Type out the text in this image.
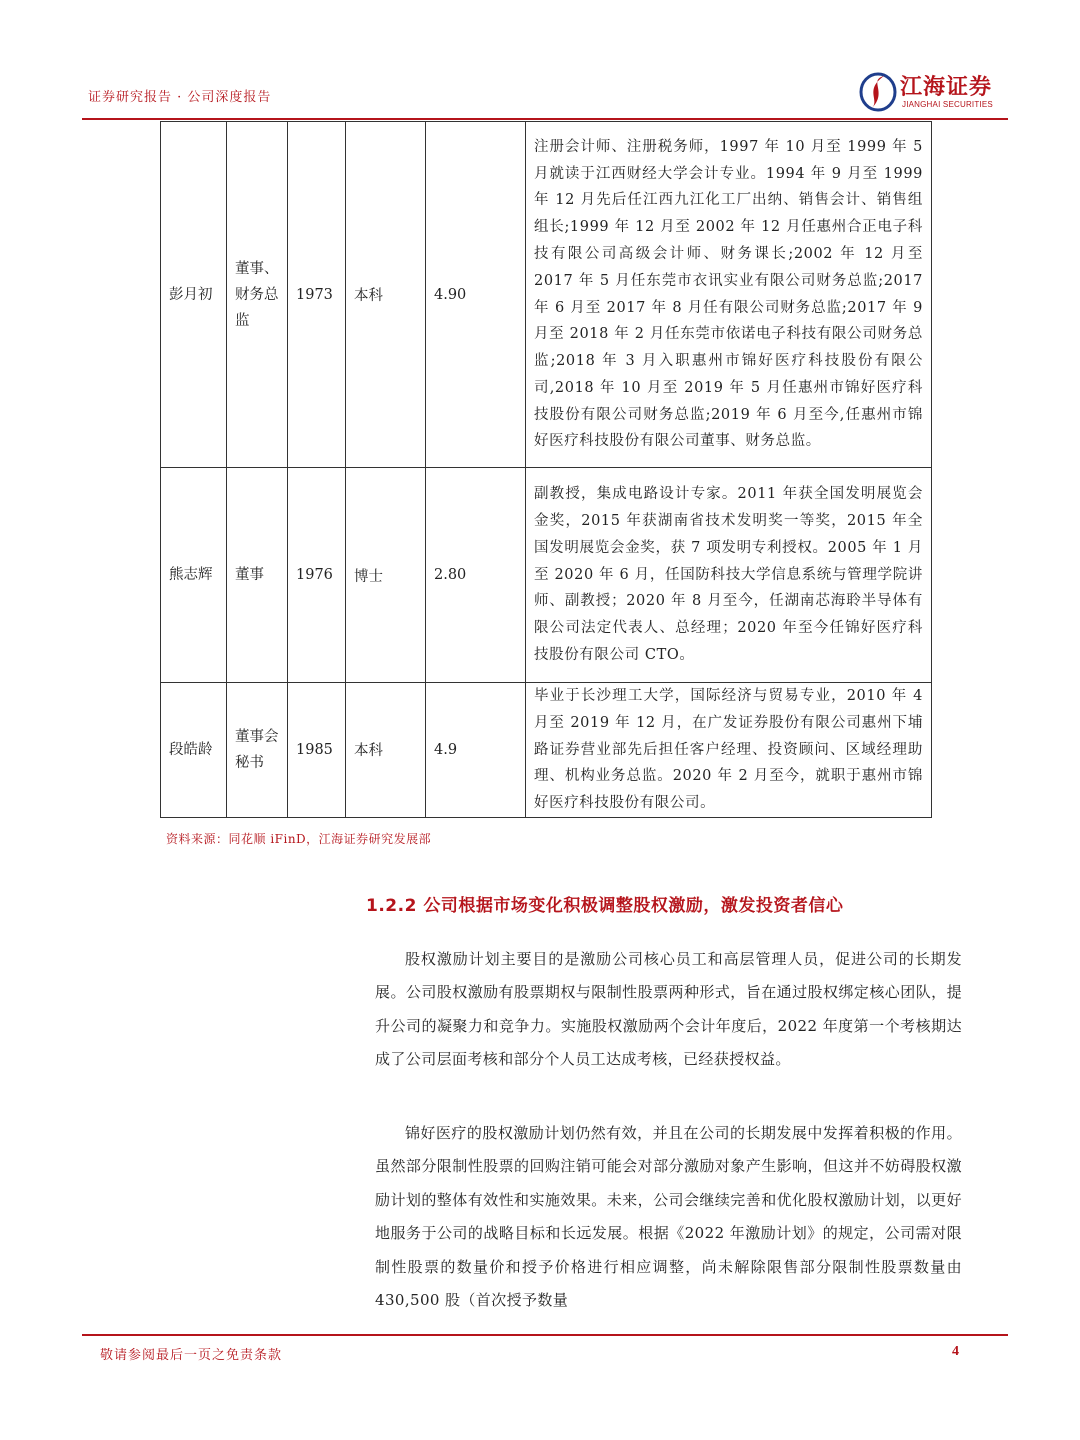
证券研究报告 · 公司深度报告	江海证券
JIANGHAI SECURITIES
彭月初	董事、财务总监	1973	本科	4.90	注册会计师、注册税务师，1997 年 10 月至 1999 年 5 月就读于江西财经大学会计专业。1994 年 9 月至 1999 年 12 月先后任江西九江化工厂出纳、销售会计、销售组组长;1999 年 12 月至 2002 年 12 月任惠州合正电子科技有限公司高级会计师、财务课长;2002 年 12 月至 2017 年 5 月任东莞市衣讯实业有限公司财务总监;2017 年 6 月至 2017 年 8 月任有限公司财务总监;2017 年 9 月至 2018 年 2 月任东莞市依诺电子科技有限公司财务总监;2018 年 3 月入职惠州市锦好医疗科技股份有限公司,2018 年 10 月至 2019 年 5 月任惠州市锦好医疗科技股份有限公司财务总监;2019 年 6 月至今,任惠州市锦好医疗科技股份有限公司董事、财务总监。
熊志辉	董事	1976	博士	2.80	副教授，集成电路设计专家。2011 年获全国发明展览会金奖，2015 年获湖南省技术发明奖一等奖，2015 年全国发明展览会金奖，获 7 项发明专利授权。2005 年 1 月至 2020 年 6 月，任国防科技大学信息系统与管理学院讲师、副教授；2020 年 8 月至今，任湖南芯海聆半导体有限公司法定代表人、总经理；2020 年至今任锦好医疗科技股份有限公司 CTO。
段皓龄	董事会秘书	1985	本科	4.9	毕业于长沙理工大学，国际经济与贸易专业，2010 年 4 月至 2019 年 12 月，在广发证券股份有限公司惠州下埔路证券营业部先后担任客户经理、投资顾问、区域经理助理、机构业务总监。2020 年 2 月至今，就职于惠州市锦好医疗科技股份有限公司。
资料来源：同花顺 iFinD，江海证券研究发展部
1.2.2 公司根据市场变化积极调整股权激励，激发投资者信心

股权激励计划主要目的是激励公司核心员工和高层管理人员，促进公司的长期发展。公司股权激励有股票期权与限制性股票两种形式，旨在通过股权绑定核心团队，提升公司的凝聚力和竞争力。实施股权激励两个会计年度后，2022 年度第一个考核期达成了公司层面考核和部分个人员工达成考核，已经获授权益。

锦好医疗的股权激励计划仍然有效，并且在公司的长期发展中发挥着积极的作用。虽然部分限制性股票的回购注销可能会对部分激励对象产生影响，但这并不妨碍股权激励计划的整体有效性和实施效果。未来，公司会继续完善和优化股权激励计划，以更好地服务于公司的战略目标和长远发展。根据《2022 年激励计划》的规定，公司需对限制性股票的数量价和授予价格进行相应调整，尚未解除限售部分限制性股票数量由 430,500 股（首次授予数量

敬请参阅最后一页之免责条款	4
